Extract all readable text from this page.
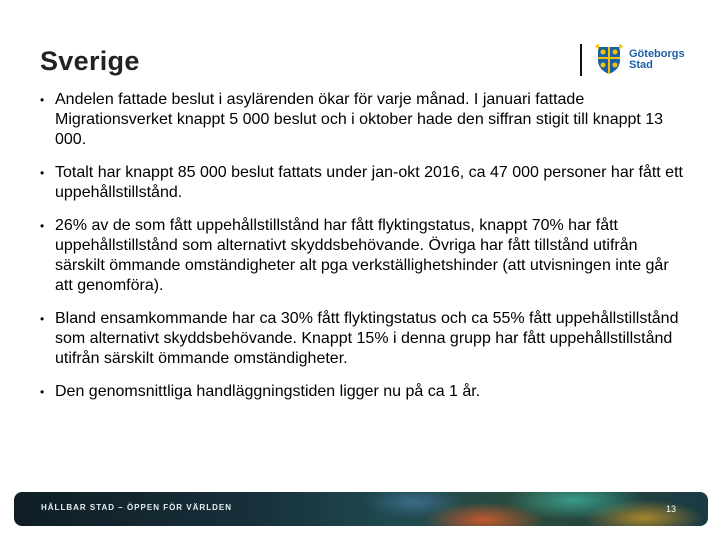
Sverige	Göteborgs
Stad
• Andelen fattade beslut i asylärenden ökar för varje månad. I januari fattade Migrationsverket knappt 5 000 beslut och i oktober hade den siffran stigit till knappt 13 000.
• Totalt har knappt 85 000 beslut fattats under jan-okt 2016, ca 47 000 personer har fått ett uppehållstillstånd.
• 26% av de som fått uppehållstillstånd har fått flyktingstatus, knappt 70% har fått uppehållstillstånd som alternativt skyddsbehövande. Övriga har fått tillstånd utifrån särskilt ömmande omständigheter alt pga verkställighetshinder (att utvisningen inte går att genomföra).
• Bland ensamkommande har ca 30% fått flyktingstatus och ca 55% fått uppehållstillstånd som alternativt skyddsbehövande. Knappt 15% i denna grupp har fått uppehållstillstånd utifrån särskilt ömmande omständigheter.
• Den genomsnittliga handläggningstiden ligger nu på ca 1 år.
HÅLLBAR STAD – ÖPPEN FÖR VÄRLDEN	13
